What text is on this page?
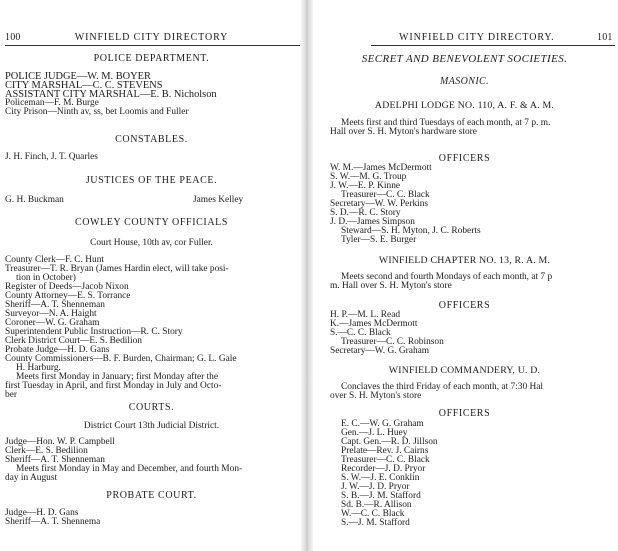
100	WINFIELD CITY DIRECTORY

POLICE DEPARTMENT.

POLICE JUDGE—W. M. BOYER

CITY MARSHAL—C. C. STEVENS

ASSISTANT CITY MARSHAL—E. B. Nicholson

Policeman—F. M. Burge

City Prison—Ninth av, ss, bet Loomis and Fuller

CONSTABLES.

J. H. Finch, J. T. Quarles

JUSTICES OF THE PEACE.

G. H. Buckman	James Kelley

COWLEY COUNTY OFFICIALS

Court House, 10th av, cor Fuller.

County Clerk—F. C. Hunt

Treasurer—T. R. Bryan (James Hardin elect, will take posi-

tion in October)

Register of Deeds—Jacob Nixon

County Attorney—E. S. Torrance

Sheriff—A. T. Shenneman

Surveyor—N. A. Haight

Coroner—W. G. Graham

Superintendent Public Instruction—R. C. Story

Clerk District Court—E. S. Bedilion

Probate Judge—H. D. Gans

County Commissioners—B. F. Burden, Chairman; G. L. Gale

H. Harburg.

Meets first Monday in January; first Monday after the

first Tuesday in April, and first Monday in July and Octo-

ber

COURTS.

District Court 13th Judicial District.

Judge—Hon. W. P. Campbell

Clerk—E. S. Bedilion

Sheriff—A. T. Shenneman

Meets first Monday in May and December, and fourth Mon-

day in August

PROBATE COURT.

Judge—H. D. Gans

Sheriff—A. T. Shennema

WINFIELD CITY DIRECTORY.	101

SECRET AND BENEVOLENT SOCIETIES.

MASONIC.

ADELPHI LODGE NO. 110, A. F. & A. M.

Meets first and third Tuesdays of each month, at 7 p. m.

Hall over S. H. Myton's hardware store

OFFICERS

W. M.—James McDermott

S. W.—M. G. Troup

J. W.—E. P. Kinne

Treasurer—C. C. Black

Secretary—W. W. Perkins

S. D.—R. C. Story

J. D.—James Simpson

Steward—S. H. Myton, J. C. Roberts

Tyler—S. E. Burger

WINFIELD CHAPTER NO. 13, R. A. M.

Meets second and fourth Mondays of each month, at 7 p

m. Hall over S. H. Myton's store

OFFICERS

H. P.—M. L. Read

K.—James McDermott

S.—C. C. Black

Treasurer—C. C. Robinson

Secretary—W. G. Graham

WINFIELD COMMANDERY, U. D.

Conclaves the third Friday of each month, at 7:30 Hal

over S. H. Myton's store

OFFICERS

E. C.—W. G. Graham

Gen.—J. L. Huey

Capt. Gen.—R. D. Jillson

Prelate—Rev. J. Cairns

Treasurer—C. C. Black

Recorder—J. D. Pryor

S. W.—J. E. Conklin

J. W.—J. D. Pryor

S. B.—J. M. Stafford

Sd. B.—R. Allison

W.—C. C. Black

S.—J. M. Stafford
